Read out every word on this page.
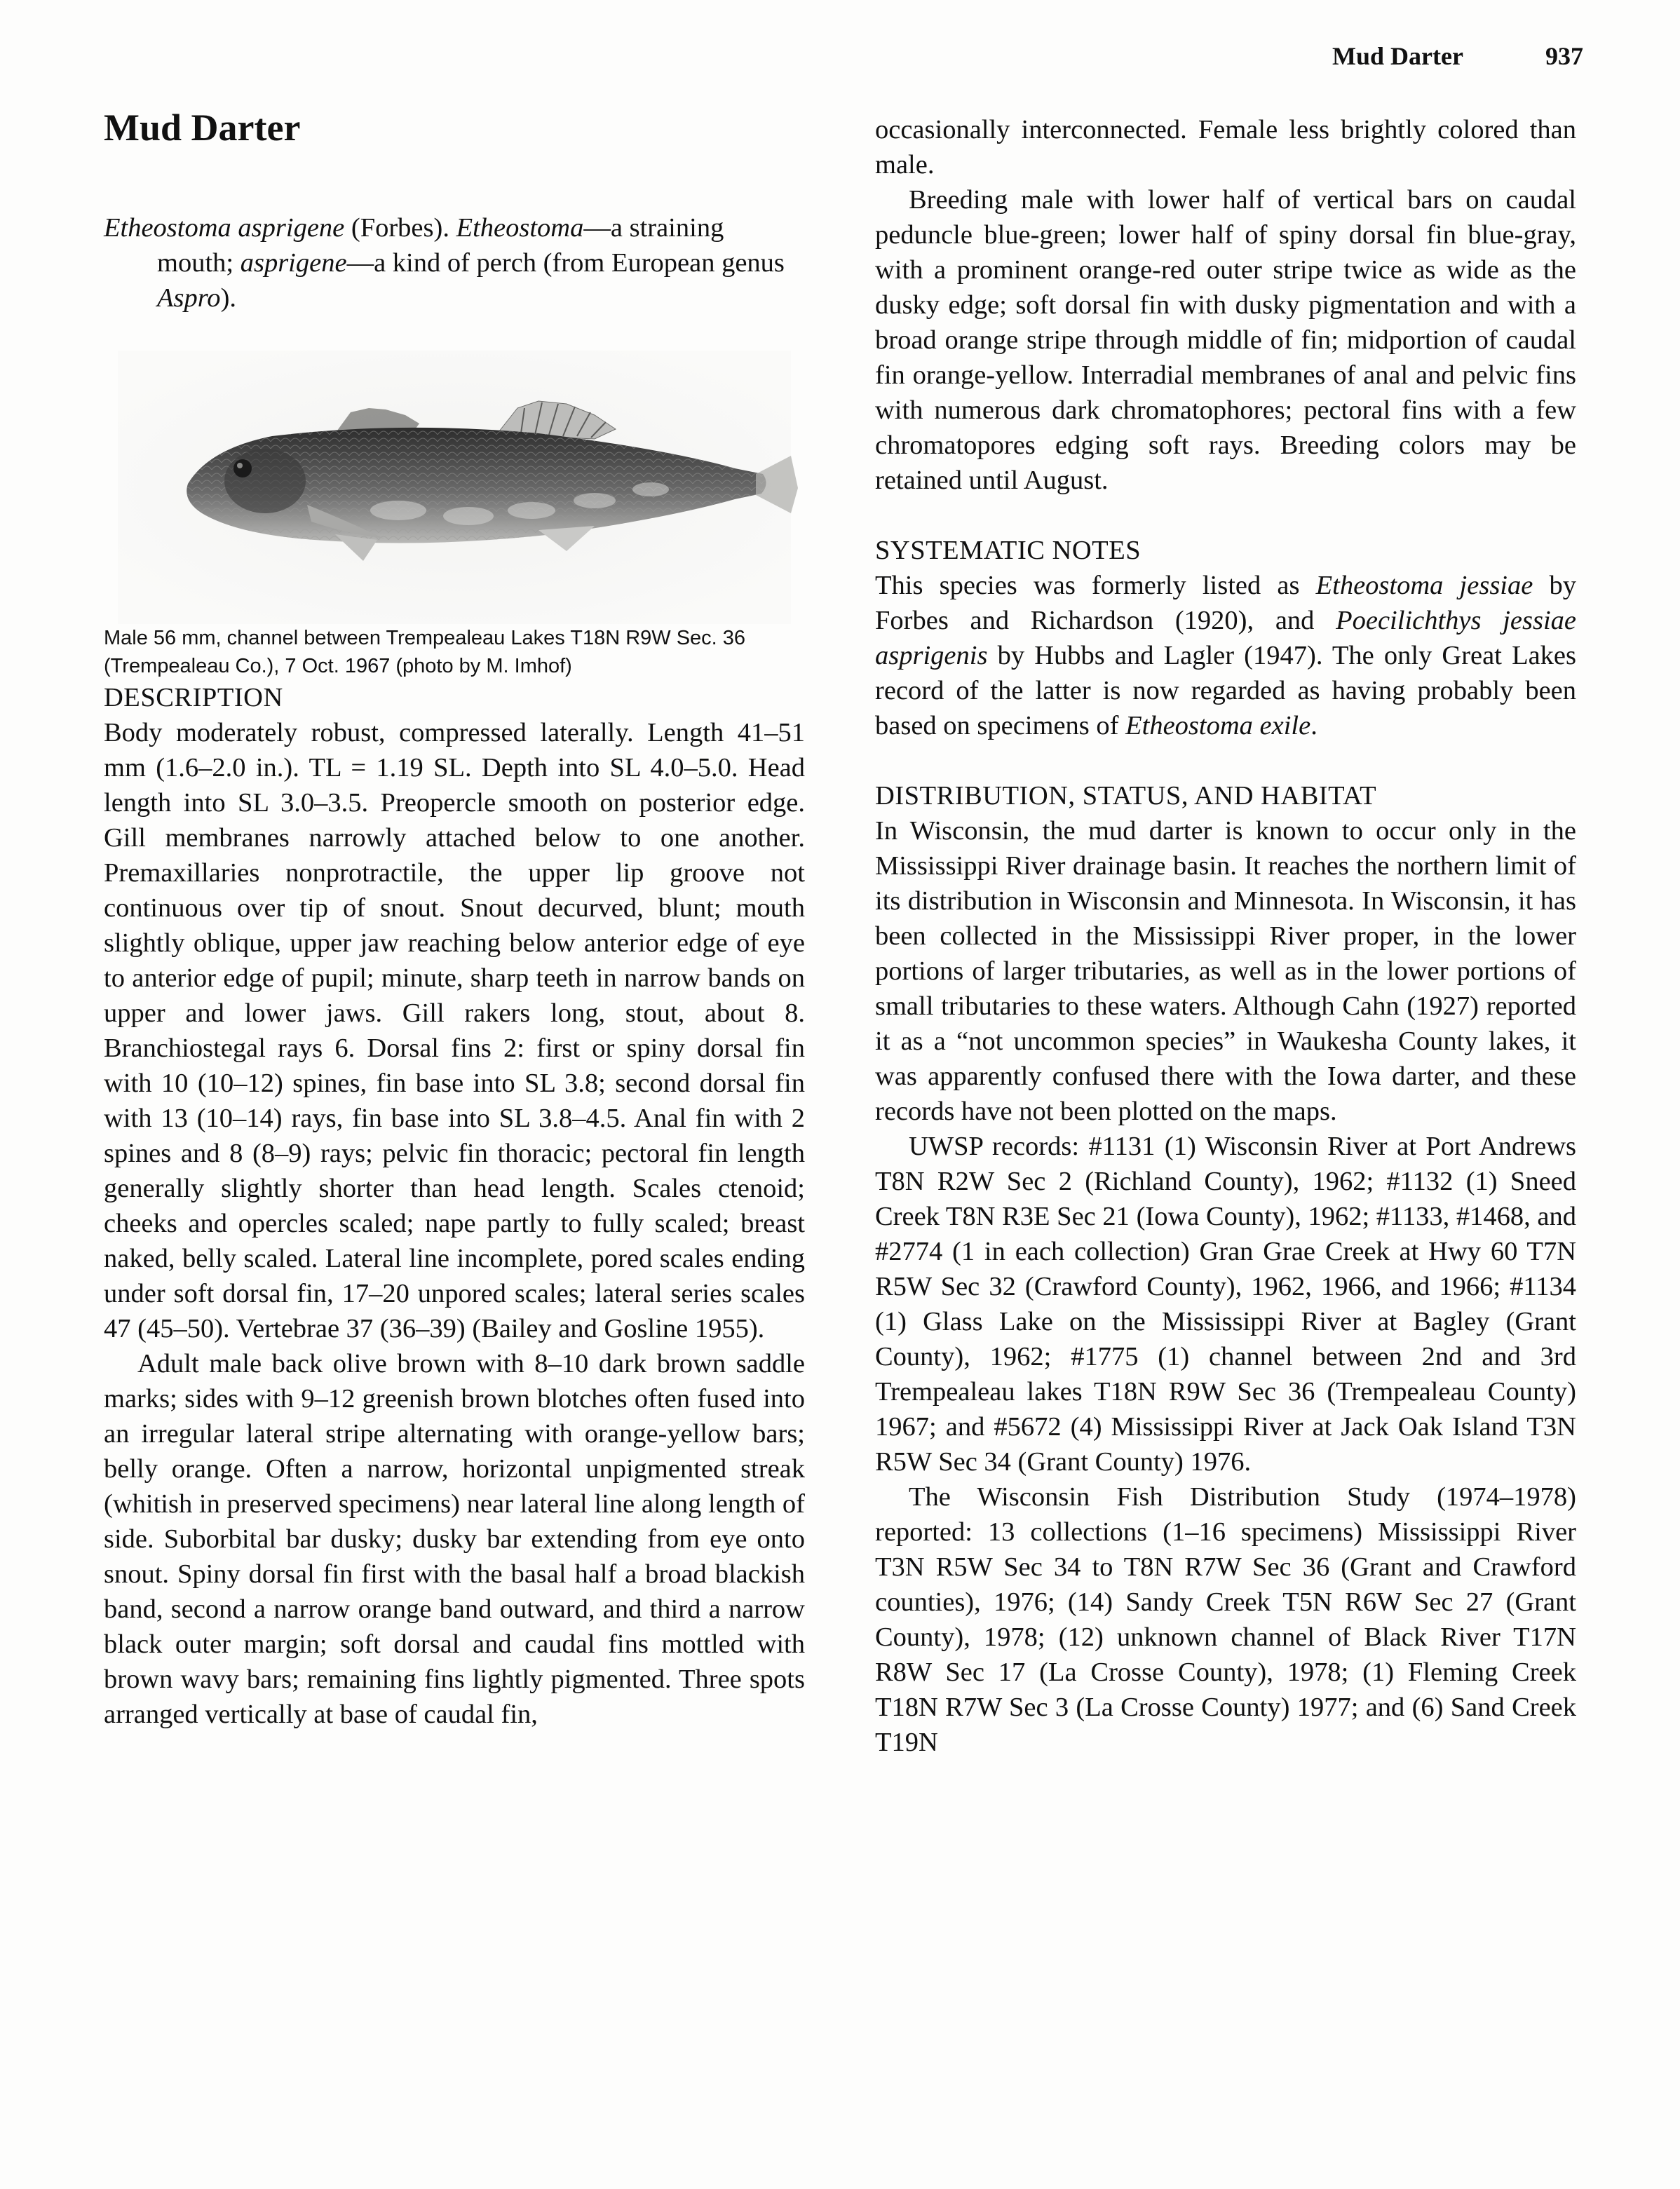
Mud Darter	937
Mud Darter

Etheostoma asprigene (Forbes). Etheostoma—a straining mouth; asprigene—a kind of perch (from European genus Aspro).

Male 56 mm, channel between Trempealeau Lakes T18N R9W Sec. 36 (Trempealeau Co.), 7 Oct. 1967 (photo by M. Imhof)

DESCRIPTION

Body moderately robust, compressed laterally. Length 41–51 mm (1.6–2.0 in.). TL = 1.19 SL. Depth into SL 4.0–5.0. Head length into SL 3.0–3.5. Preopercle smooth on posterior edge. Gill membranes narrowly attached below to one another. Premaxillaries nonprotractile, the upper lip groove not continuous over tip of snout. Snout decurved, blunt; mouth slightly oblique, upper jaw reaching below anterior edge of eye to anterior edge of pupil; minute, sharp teeth in narrow bands on upper and lower jaws. Gill rakers long, stout, about 8. Branchiostegal rays 6. Dorsal fins 2: first or spiny dorsal fin with 10 (10–12) spines, fin base into SL 3.8; second dorsal fin with 13 (10–14) rays, fin base into SL 3.8–4.5. Anal fin with 2 spines and 8 (8–9) rays; pelvic fin thoracic; pectoral fin length generally slightly shorter than head length. Scales ctenoid; cheeks and opercles scaled; nape partly to fully scaled; breast naked, belly scaled. Lateral line incomplete, pored scales ending under soft dorsal fin, 17–20 unpored scales; lateral series scales 47 (45–50). Vertebrae 37 (36–39) (Bailey and Gosline 1955).

Adult male back olive brown with 8–10 dark brown saddle marks; sides with 9–12 greenish brown blotches often fused into an irregular lateral stripe alternating with orange-yellow bars; belly orange. Often a narrow, horizontal unpigmented streak (whitish in preserved specimens) near lateral line along length of side. Suborbital bar dusky; dusky bar extending from eye onto snout. Spiny dorsal fin first with the basal half a broad blackish band, second a narrow orange band outward, and third a narrow black outer margin; soft dorsal and caudal fins mottled with brown wavy bars; remaining fins lightly pigmented. Three spots arranged vertically at base of caudal fin,

occasionally interconnected. Female less brightly colored than male.

Breeding male with lower half of vertical bars on caudal peduncle blue-green; lower half of spiny dorsal fin blue-gray, with a prominent orange-red outer stripe twice as wide as the dusky edge; soft dorsal fin with dusky pigmentation and with a broad orange stripe through middle of fin; midportion of caudal fin orange-yellow. Interradial membranes of anal and pelvic fins with numerous dark chromatophores; pectoral fins with a few chromatopores edging soft rays. Breeding colors may be retained until August.

SYSTEMATIC NOTES

This species was formerly listed as Etheostoma jessiae by Forbes and Richardson (1920), and Poecilichthys jessiae asprigenis by Hubbs and Lagler (1947). The only Great Lakes record of the latter is now regarded as having probably been based on specimens of Etheostoma exile.

DISTRIBUTION, STATUS, AND HABITAT

In Wisconsin, the mud darter is known to occur only in the Mississippi River drainage basin. It reaches the northern limit of its distribution in Wisconsin and Minnesota. In Wisconsin, it has been collected in the Mississippi River proper, in the lower portions of larger tributaries, as well as in the lower portions of small tributaries to these waters. Although Cahn (1927) reported it as a “not uncommon species” in Waukesha County lakes, it was apparently confused there with the Iowa darter, and these records have not been plotted on the maps.

UWSP records: #1131 (1) Wisconsin River at Port Andrews T8N R2W Sec 2 (Richland County), 1962; #1132 (1) Sneed Creek T8N R3E Sec 21 (Iowa County), 1962; #1133, #1468, and #2774 (1 in each collection) Gran Grae Creek at Hwy 60 T7N R5W Sec 32 (Crawford County), 1962, 1966, and 1966; #1134 (1) Glass Lake on the Mississippi River at Bagley (Grant County), 1962; #1775 (1) channel between 2nd and 3rd Trempealeau lakes T18N R9W Sec 36 (Trempealeau County) 1967; and #5672 (4) Mississippi River at Jack Oak Island T3N R5W Sec 34 (Grant County) 1976.

The Wisconsin Fish Distribution Study (1974–1978) reported: 13 collections (1–16 specimens) Mississippi River T3N R5W Sec 34 to T8N R7W Sec 36 (Grant and Crawford counties), 1976; (14) Sandy Creek T5N R6W Sec 27 (Grant County), 1978; (12) unknown channel of Black River T17N R8W Sec 17 (La Crosse County), 1978; (1) Fleming Creek T18N R7W Sec 3 (La Crosse County) 1977; and (6) Sand Creek T19N
